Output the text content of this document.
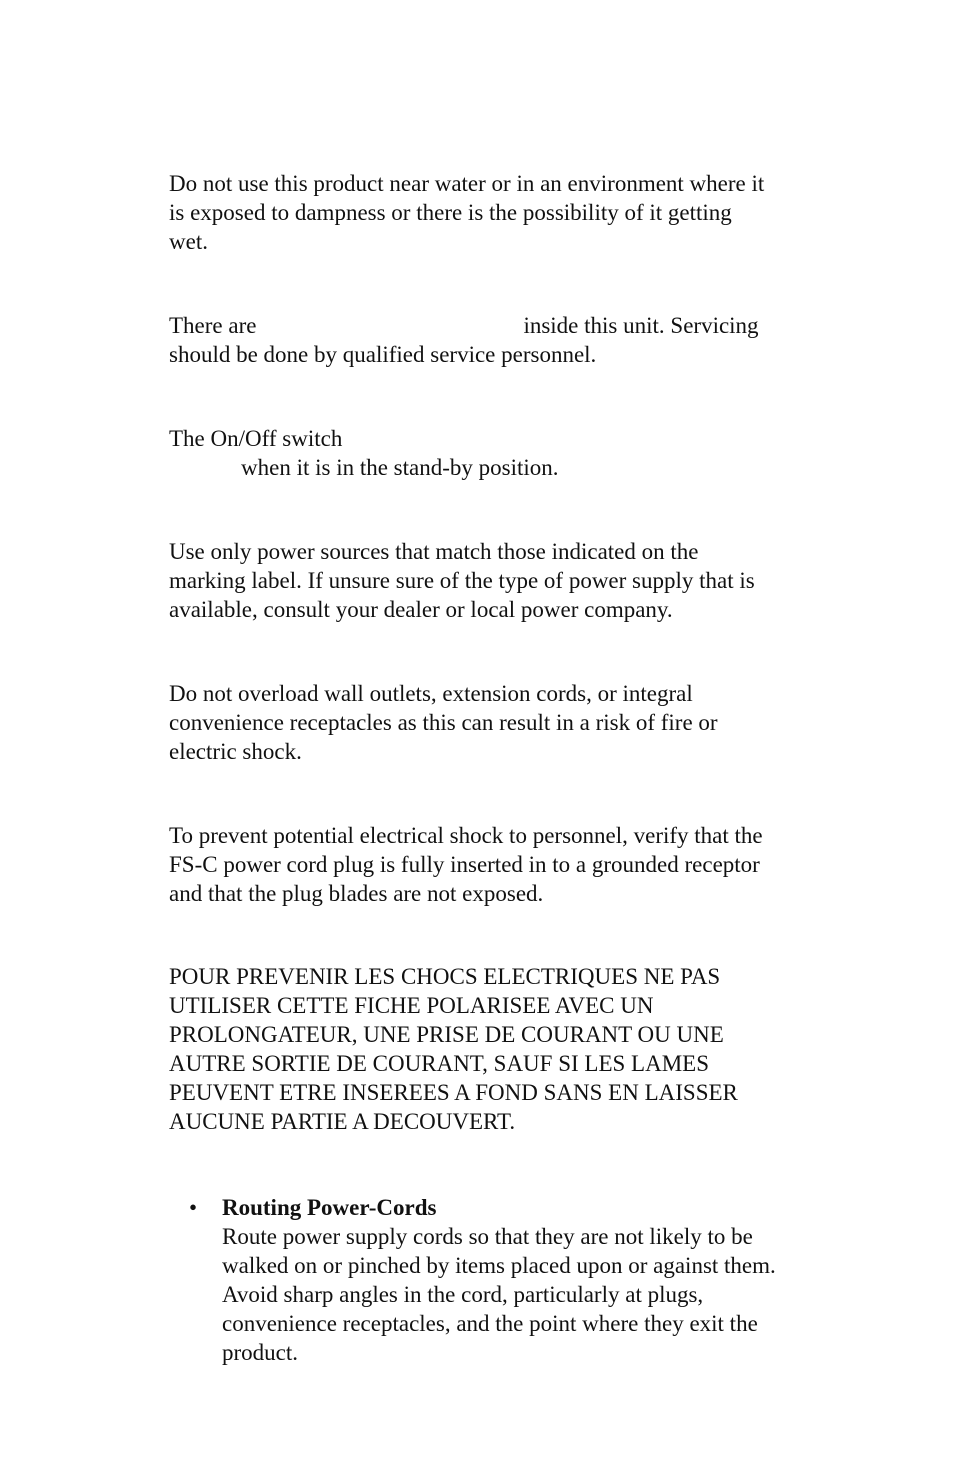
Do not use this product near water or in an environment where it
is exposed to dampness or there is the possibility of it getting
wet.
There are	inside this unit. Servicing
should be done by qualified service personnel.
The On/Off switch
when it is in the stand-by position.
Use only power sources that match those indicated on the
marking label. If unsure sure of the type of power supply that is
available, consult your dealer or local power company.
Do not overload wall outlets, extension cords, or integral
convenience receptacles as this can result in a risk of fire or
electric shock.
To prevent potential electrical shock to personnel, verify that the
FS-C power cord plug is fully inserted in to a grounded receptor
and that the plug blades are not exposed.
POUR PREVENIR LES CHOCS ELECTRIQUES NE PAS
UTILISER CETTE FICHE POLARISEE AVEC UN
PROLONGATEUR, UNE PRISE DE COURANT OU UNE
AUTRE SORTIE DE COURANT, SAUF SI LES LAMES
PEUVENT ETRE INSEREES A FOND SANS EN LAISSER
AUCUNE PARTIE A DECOUVERT.
• Routing Power-Cords
Route power supply cords so that they are not likely to be
walked on or pinched by items placed upon or against them.
Avoid sharp angles in the cord, particularly at plugs,
convenience receptacles, and the point where they exit the
product.
